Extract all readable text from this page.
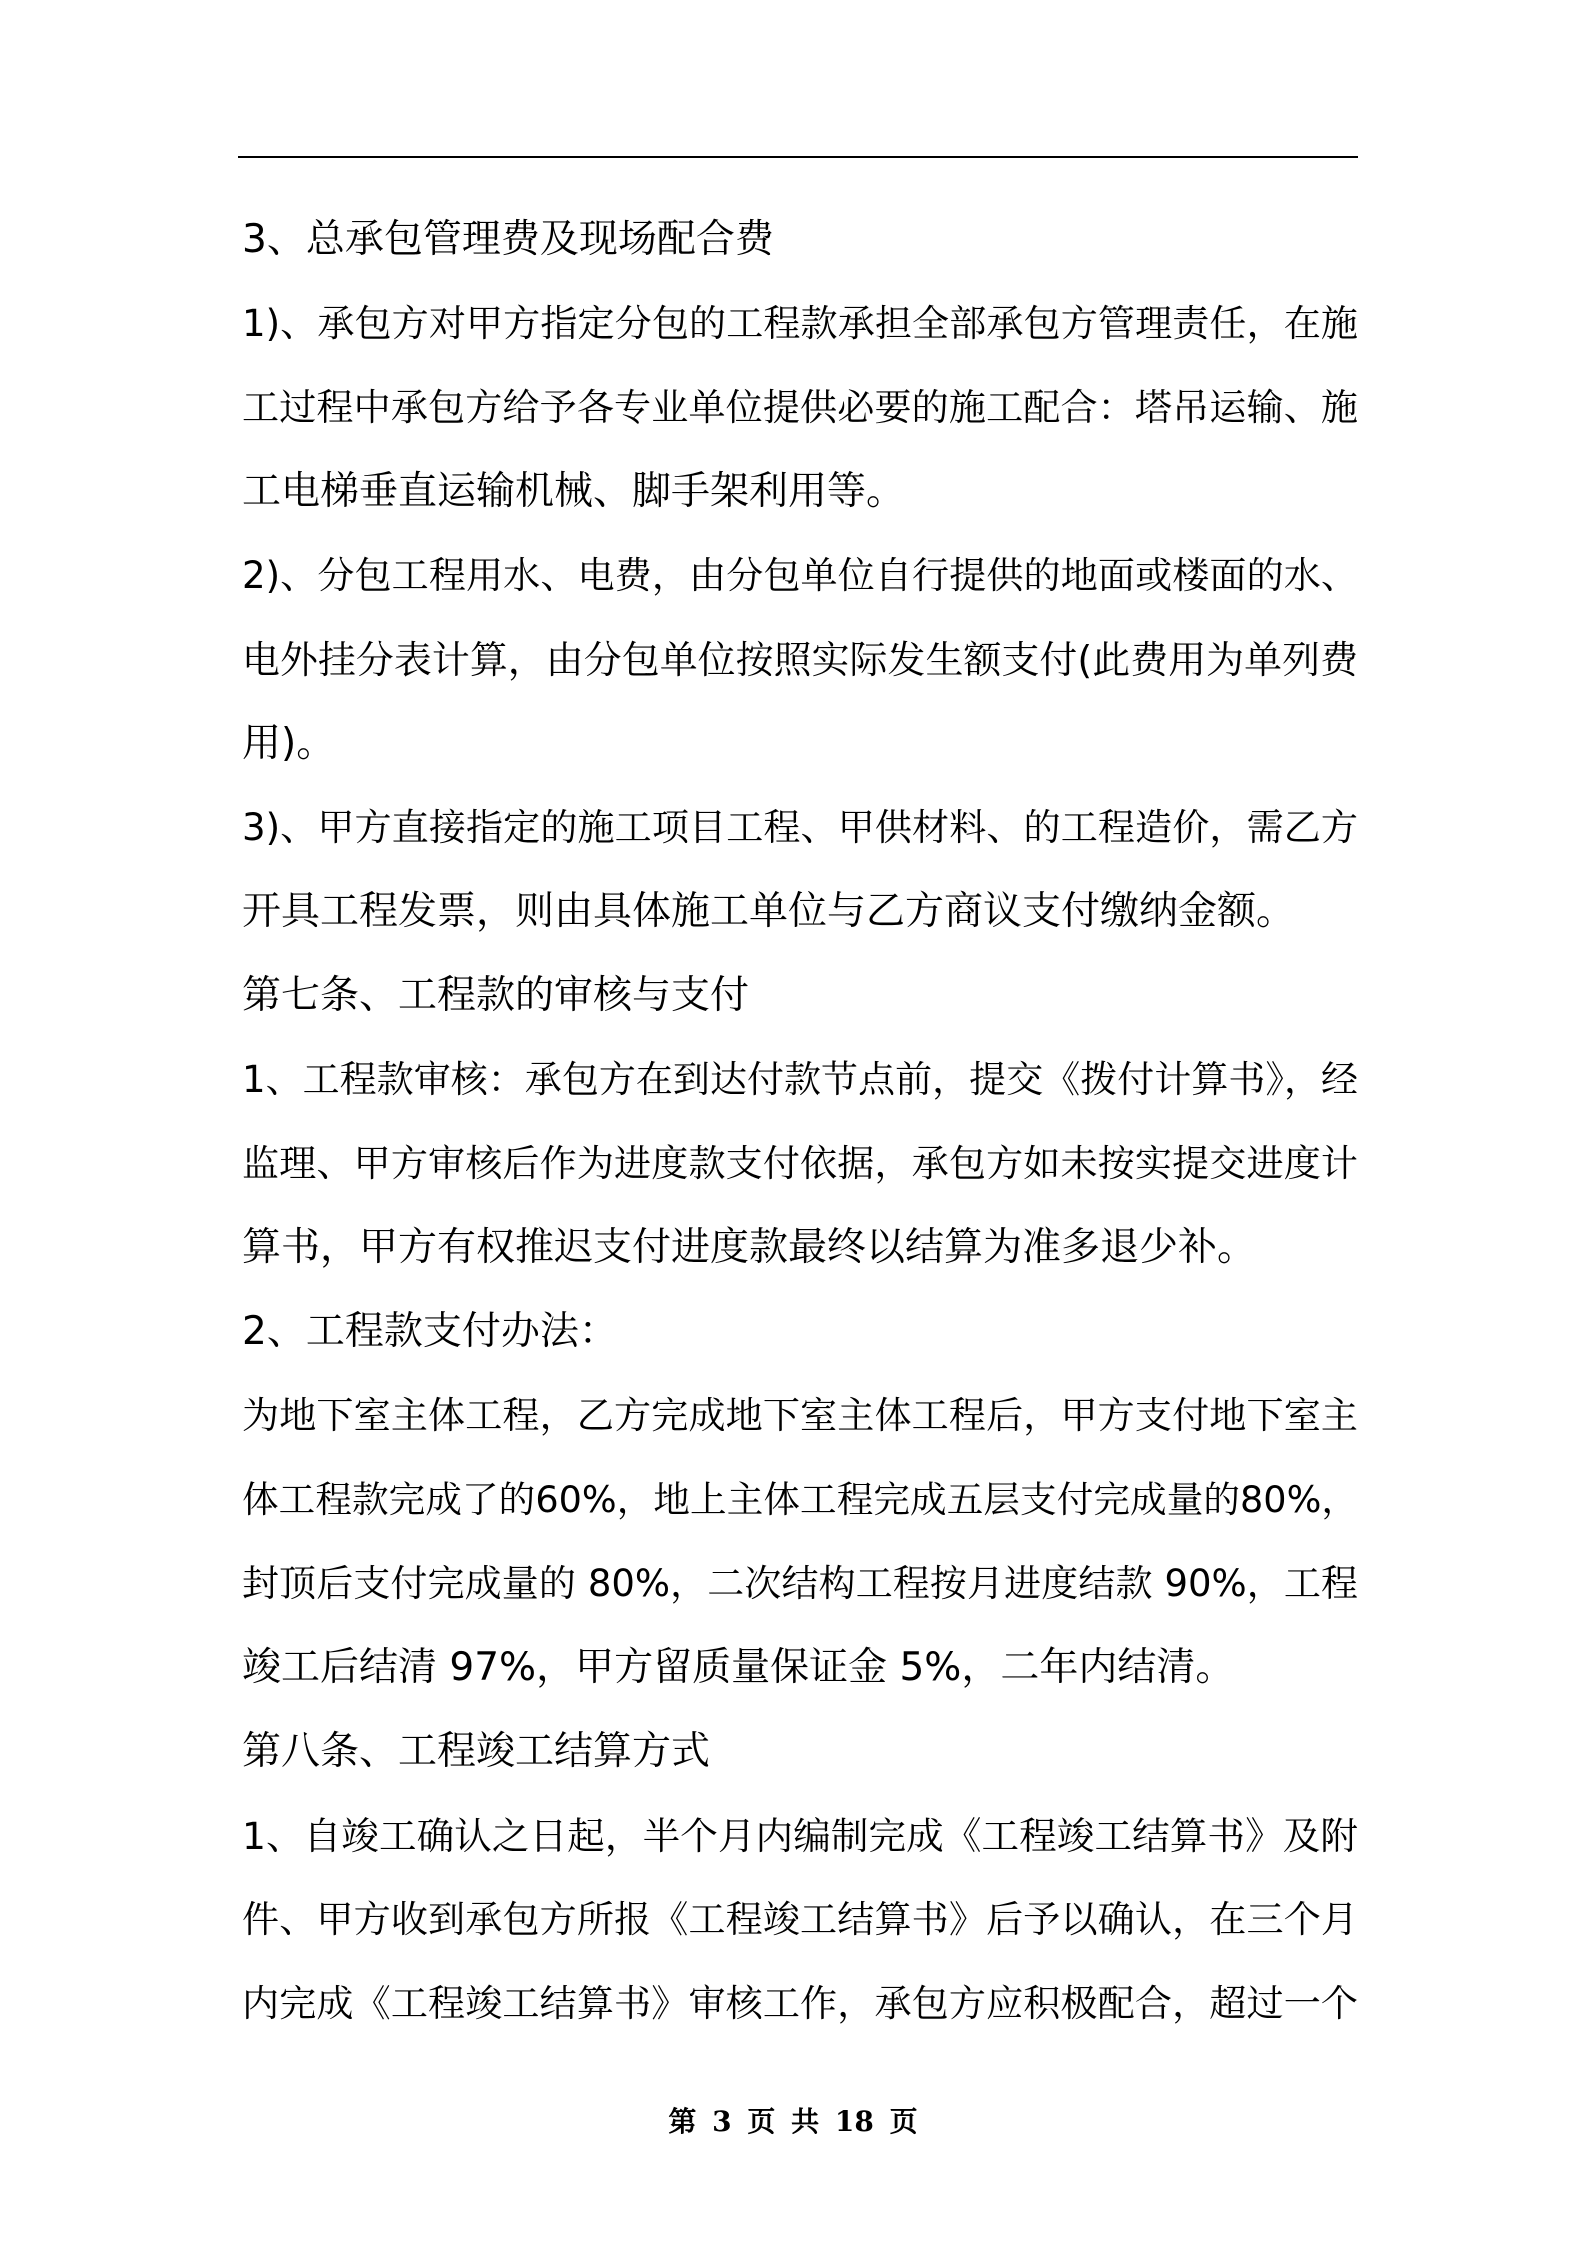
3、总承包管理费及现场配合费
1)、承包方对甲方指定分包的工程款承担全部承包方管理责任，在施
工过程中承包方给予各专业单位提供必要的施工配合：塔吊运输、施
工电梯垂直运输机械、脚手架利用等。
2)、分包工程用水、电费，由分包单位自行提供的地面或楼面的水、
电外挂分表计算，由分包单位按照实际发生额支付(此费用为单列费
用)。
3)、甲方直接指定的施工项目工程、甲供材料、的工程造价，需乙方
开具工程发票，则由具体施工单位与乙方商议支付缴纳金额。
第七条、工程款的审核与支付
1、工程款审核：承包方在到达付款节点前，提交《拨付计算书》，经
监理、甲方审核后作为进度款支付依据，承包方如未按实提交进度计
算书，甲方有权推迟支付进度款最终以结算为准多退少补。
2、工程款支付办法：
为地下室主体工程，乙方完成地下室主体工程后，甲方支付地下室主
体工程款完成了的60%，地上主体工程完成五层支付完成量的80%，
封顶后支付完成量的 80%，二次结构工程按月进度结款 90%，工程
竣工后结清 97%，甲方留质量保证金 5%，二年内结清。
第八条、工程竣工结算方式
1、自竣工确认之日起，半个月内编制完成《工程竣工结算书》及附
件、甲方收到承包方所报《工程竣工结算书》后予以确认，在三个月
内完成《工程竣工结算书》审核工作，承包方应积极配合，超过一个
第 3 页 共 18 页
